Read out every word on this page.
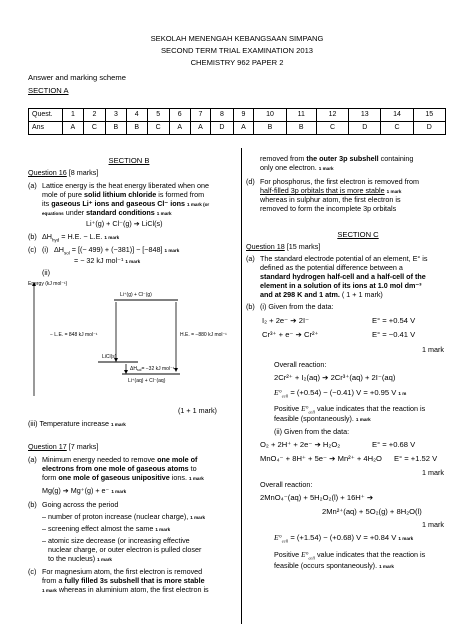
SEKOLAH MENENGAH KEBANGSAAN SIMPANG
SECOND TERM TRIAL EXAMINATION 2013
CHEMISTRY 962 PAPER 2
Answer and marking scheme
SECTION A
Quest.	1	2	3	4	5	6	7	8	9	10	11	12	13	14	15
Ans	A	C	B	B	C	A	A	D	A	B	B	C	D	C	D
SECTION B
Question 16 [8 marks]
(a) Lattice energy is the heat energy liberated when one
mole of pure solid lithium chloride is formed from
its gaseous Li⁺ ions and gaseous Cl⁻ ions 1 mark (or
equations under standard conditions 1 mark
Li⁺(g) + Cl⁻(g) ➔ LiCl(s)
(b) $\Delta H_{hyd} = H.E$. − L.E. 1 mark
(c) (i) $\Delta H_{sol}$ = [(− 499) + (−381)] − [−848] 1 mark
= − 32 kJ mol⁻¹ 1 mark
(ii)
Energy (kJ mol⁻¹)
Li⁺(g) + Cl⁻(g)
− L.E. = 848 kJ mol⁻¹	H.E. = −880 kJ mol⁻¹
LiCl(s)
$\Delta H_{sol}= -32$ kJ mol⁻¹
Li⁺(aq) + Cl⁻(aq)
(1 + 1 mark)
(iii) Temperature increase 1 mark
Question 17 [7 marks]
(a) Minimum energy needed to remove one mole of
electrons from one mole of gaseous atoms to
form one mole of gaseous unipositive ions. 1 mark
Mg(g) ➔ Mg⁺(g) + e⁻ 1 mark
(b) Going across the period
– number of proton increase (nuclear charge), 1 mark
– screening effect almost the same 1 mark
– atomic size decrease (or increasing effective
nuclear charge, or outer electron is pulled closer
to the nucleus) 1 mark
(c) For magnesium atom, the first electron is removed
from a fully filled 3s subshell that is more stable
1 mark whereas in aluminium atom, the first electron is
removed from the outer 3p subshell containing
only one electron. 1 mark
(d) For phosphorus, the first electron is removed from
half-filled 3p orbitals that is more stable 1 mark
whereas in sulphur atom, the first electron is
removed to form the incomplete 3p orbitals
SECTION C
Question 18 [15 marks]
(a) The standard electrode potential of an element, E° is
defined as the potential difference between a
standard hydrogen half-cell and a half-cell of the
element in a solution of its ions at 1.0 mol dm⁻³
and at 298 K and 1 atm. ( 1 + 1 mark)
(b) (i) Given from the data:
I₂ + 2e⁻ ➔ 2I⁻	E° = +0.54 V
Cr³⁺ + e⁻ ➔ Cr²⁺	E° = −0.41 V
1 mark
Overall reaction:
2Cr²⁺ + I₂(aq) ➔ 2Cr³⁺(aq) + 2I⁻(aq)
$E^\circ_{cell} = (+0.54) - (-0.41) V = +0.95$ V 1 m
Positive $E^\circ_{cell}$ value indicates that the reaction is
feasible (spontaneously). 1 mark
(ii) Given from the data:
O₂ + 2H⁺ + 2e⁻ ➔ H₂O₂	E° = +0.68 V
MnO₄⁻ + 8H⁺ + 5e⁻ ➔ Mn²⁺ + 4H₂O E° = +1.52 V
1 mark
Overall reaction:
2MnO₄⁻(aq) + 5H₂O₂(l) + 16H⁺ ➔
2Mn²⁺(aq) + 5O₂(g) + 8H₂O(l)
1 mark
$E^\circ_{cell} = (+1.54) - (+0.68) V = +0.84$ V 1 mark
Positive $E^\circ_{cell}$ value indicates that the reaction is
feasible (occurs spontaneously). 1 mark
